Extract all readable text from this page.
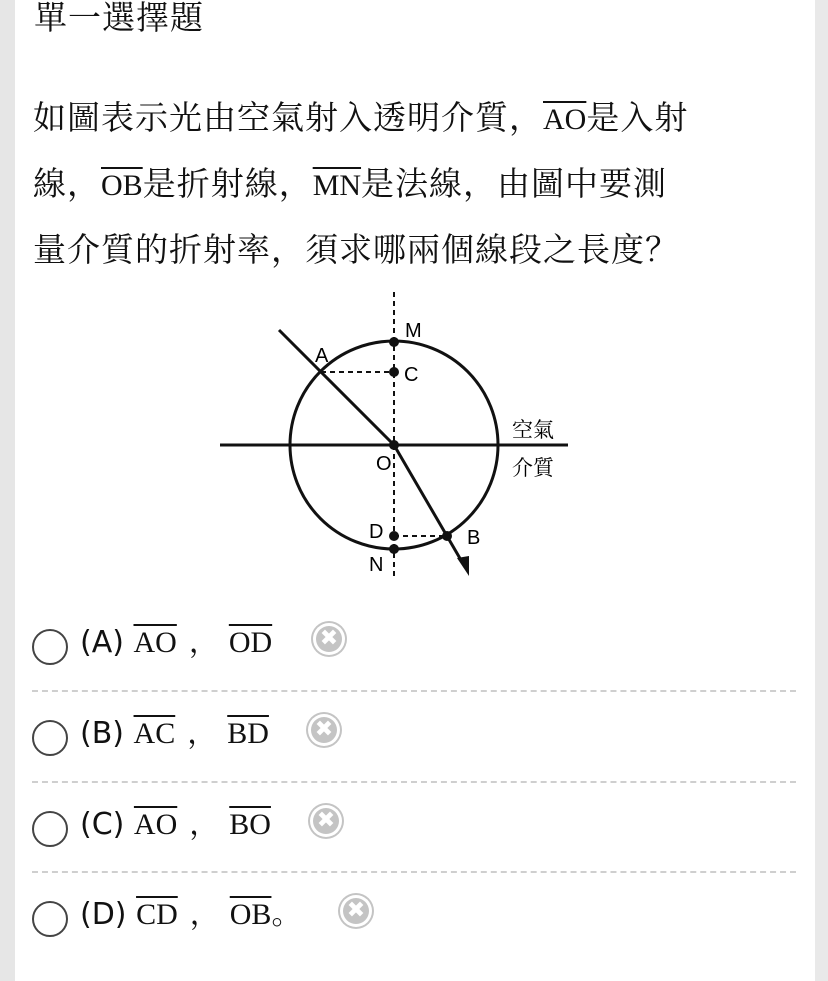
單一選擇題
如圖表示光由空氣射入透明介質，$\overline{AO}$是入射
線，$\overline{OB}$是折射線，$\overline{MN}$是法線，由圖中要測
量介質的折射率，須求哪兩個線段之長度？
M
A
C
O
D
N
B
空氣
介質
(A) $\overline{AO}$ ， $\overline{OD}$	✖
(B) $\overline{AC}$ ， $\overline{BD}$	✖
(C) $\overline{AO}$ ， $\overline{BO}$	✖
(D) $\overline{CD}$ ， $\overline{OB}$。	✖
